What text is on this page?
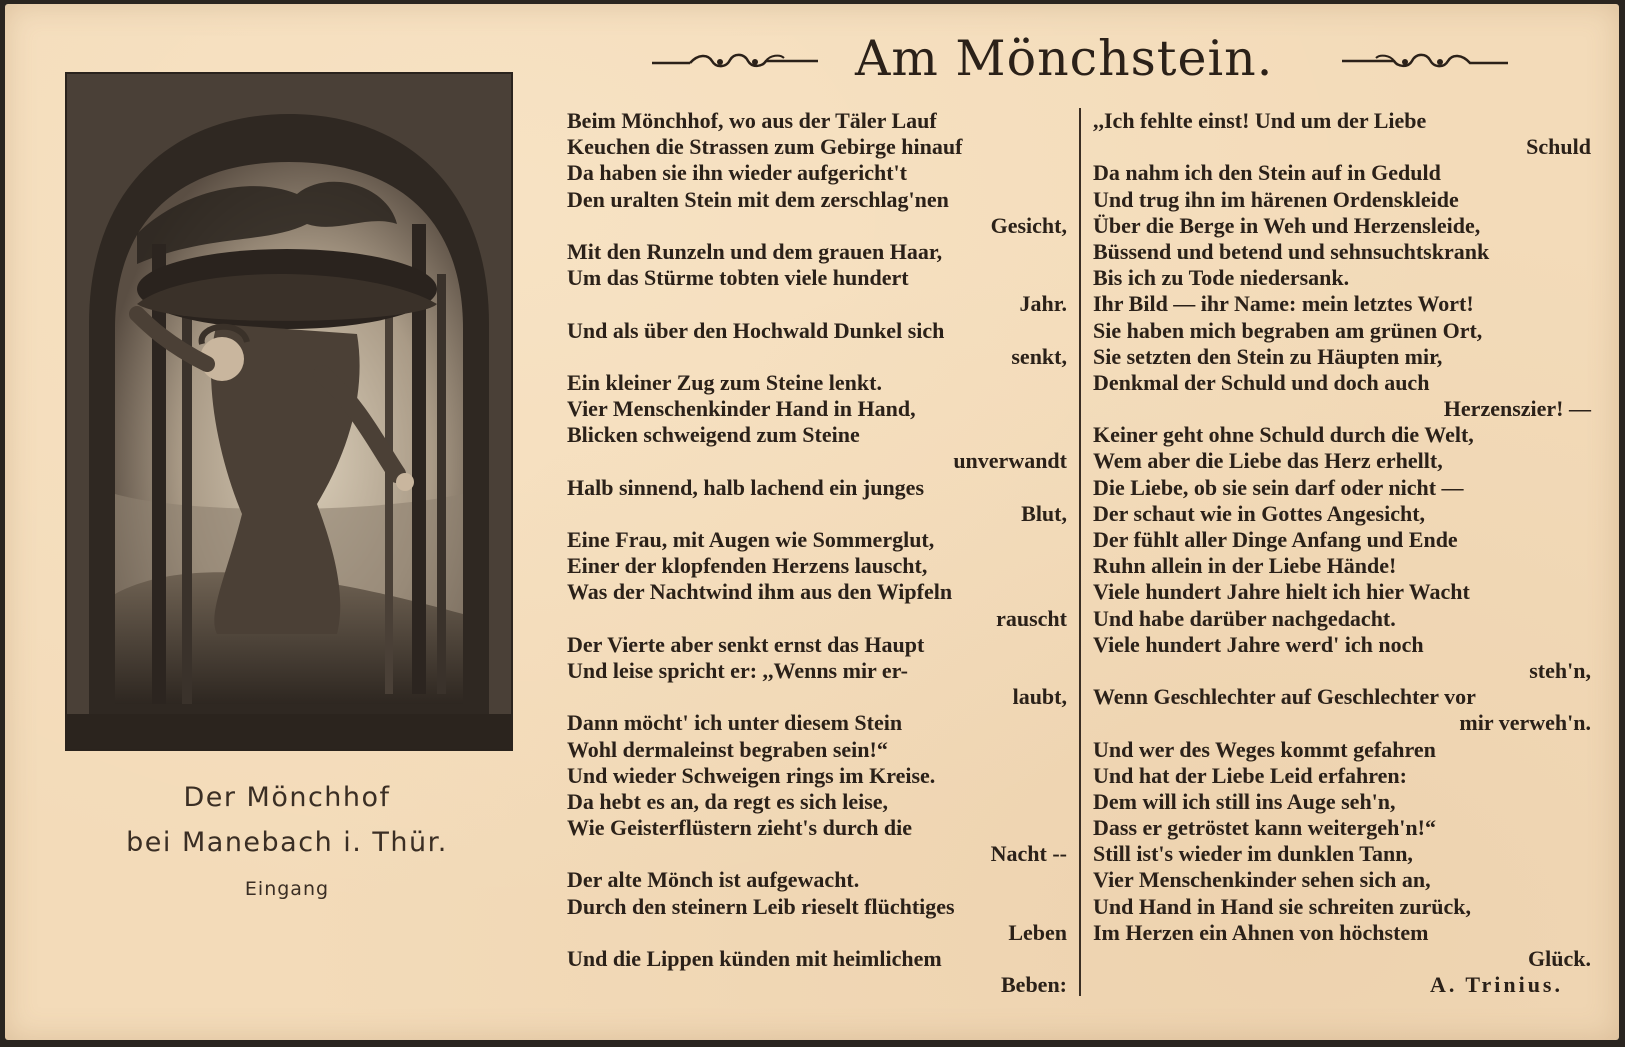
Am Mönchstein.
Der Mönchhof
bei Manebach i. Thür.
Eingang
Beim Mönchhof, wo aus der Täler Lauf
Keuchen die Strassen zum Gebirge hinauf
Da haben sie ihn wieder aufgericht't
Den uralten Stein mit dem zerschlag'nen
Gesicht,
Mit den Runzeln und dem grauen Haar,
Um das Stürme tobten viele hundert
Jahr.
Und als über den Hochwald Dunkel sich
senkt,
Ein kleiner Zug zum Steine lenkt.
Vier Menschenkinder Hand in Hand,
Blicken schweigend zum Steine
unverwandt
Halb sinnend, halb lachend ein junges
Blut,
Eine Frau, mit Augen wie Sommerglut,
Einer der klopfenden Herzens lauscht,
Was der Nachtwind ihm aus den Wipfeln
rauscht
Der Vierte aber senkt ernst das Haupt
Und leise spricht er: ,,Wenns mir er-
laubt,
Dann möcht' ich unter diesem Stein
Wohl dermaleinst begraben sein!“
Und wieder Schweigen rings im Kreise.
Da hebt es an, da regt es sich leise,
Wie Geisterflüstern zieht's durch die
Nacht --
Der alte Mönch ist aufgewacht.
Durch den steinern Leib rieselt flüchtiges
Leben
Und die Lippen künden mit heimlichem
Beben:
,,Ich fehlte einst! Und um der Liebe
Schuld
Da nahm ich den Stein auf in Geduld
Und trug ihn im härenen Ordenskleide
Über die Berge in Weh und Herzensleide,
Büssend und betend und sehnsuchtskrank
Bis ich zu Tode niedersank.
Ihr Bild — ihr Name: mein letztes Wort!
Sie haben mich begraben am grünen Ort,
Sie setzten den Stein zu Häupten mir,
Denkmal der Schuld und doch auch
Herzenszier! —
Keiner geht ohne Schuld durch die Welt,
Wem aber die Liebe das Herz erhellt,
Die Liebe, ob sie sein darf oder nicht —
Der schaut wie in Gottes Angesicht,
Der fühlt aller Dinge Anfang und Ende
Ruhn allein in der Liebe Hände!
Viele hundert Jahre hielt ich hier Wacht
Und habe darüber nachgedacht.
Viele hundert Jahre werd' ich noch
steh'n,
Wenn Geschlechter auf Geschlechter vor
mir verweh'n.
Und wer des Weges kommt gefahren
Und hat der Liebe Leid erfahren:
Dem will ich still ins Auge seh'n,
Dass er getröstet kann weitergeh'n!“
Still ist's wieder im dunklen Tann,
Vier Menschenkinder sehen sich an,
Und Hand in Hand sie schreiten zurück,
Im Herzen ein Ahnen von höchstem
Glück.
A. Trinius.
